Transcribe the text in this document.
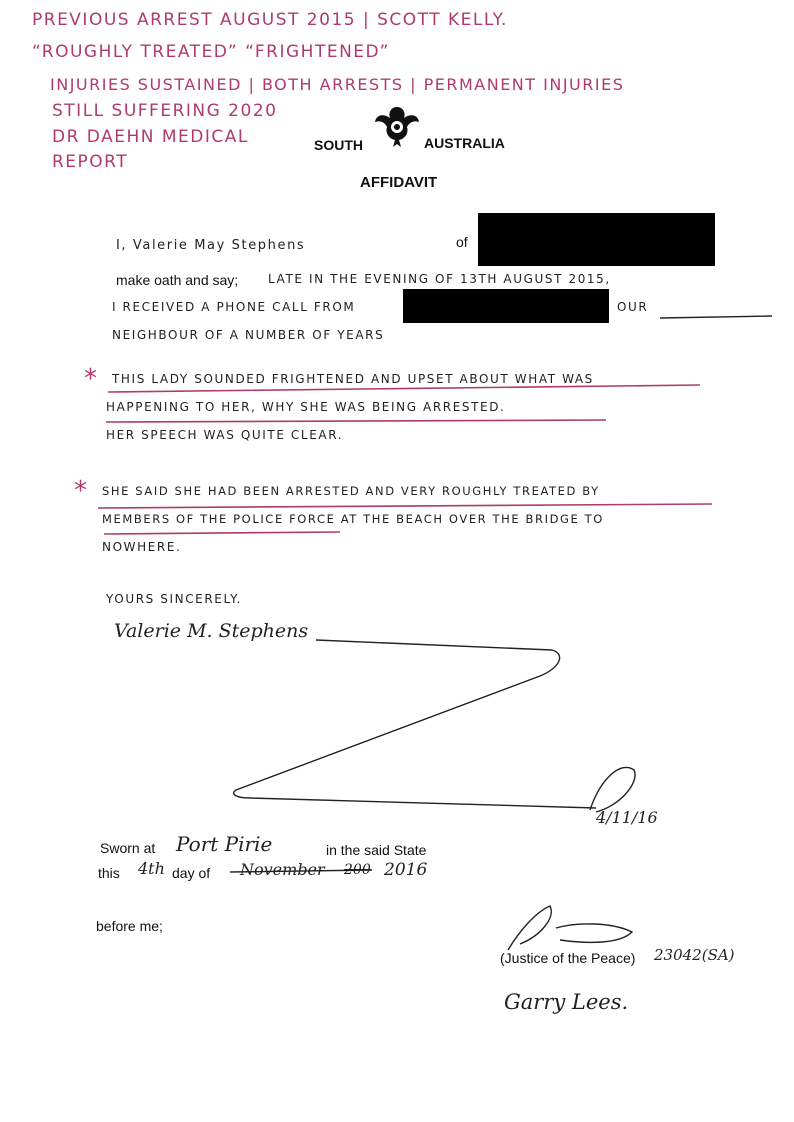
PREVIOUS ARREST AUGUST 2015 | SCOTT KELLY.
“ROUGHLY TREATED” “FRIGHTENED”
INJURIES SUSTAINED | BOTH ARRESTS | PERMANENT INJURIES
STILL SUFFERING 2020
DR DAEHN MEDICAL
REPORT
SOUTH	AUSTRALIA
AFFIDAVIT
I, Valerie May Stephens	of
make oath and say; LATE IN THE EVENING OF 13TH AUGUST 2015,
I RECEIVED A PHONE CALL FROM	OUR
NEIGHBOUR OF A NUMBER OF YEARS
* THIS LADY SOUNDED FRIGHTENED AND UPSET ABOUT WHAT WAS
HAPPENING TO HER, WHY SHE WAS BEING ARRESTED.
HER SPEECH WAS QUITE CLEAR.
* SHE SAID SHE HAD BEEN ARRESTED AND VERY ROUGHLY TREATED BY
MEMBERS OF THE POLICE FORCE AT THE BEACH OVER THE BRIDGE TO
NOWHERE.
YOURS SINCERELY.
Valerie M. Stephens
Sworn at Port Pirie	in the said State
this 4th day of November 200 2016
4/11/16
before me;
(Justice of the Peace) 23042(SA)
Garry Lees.
